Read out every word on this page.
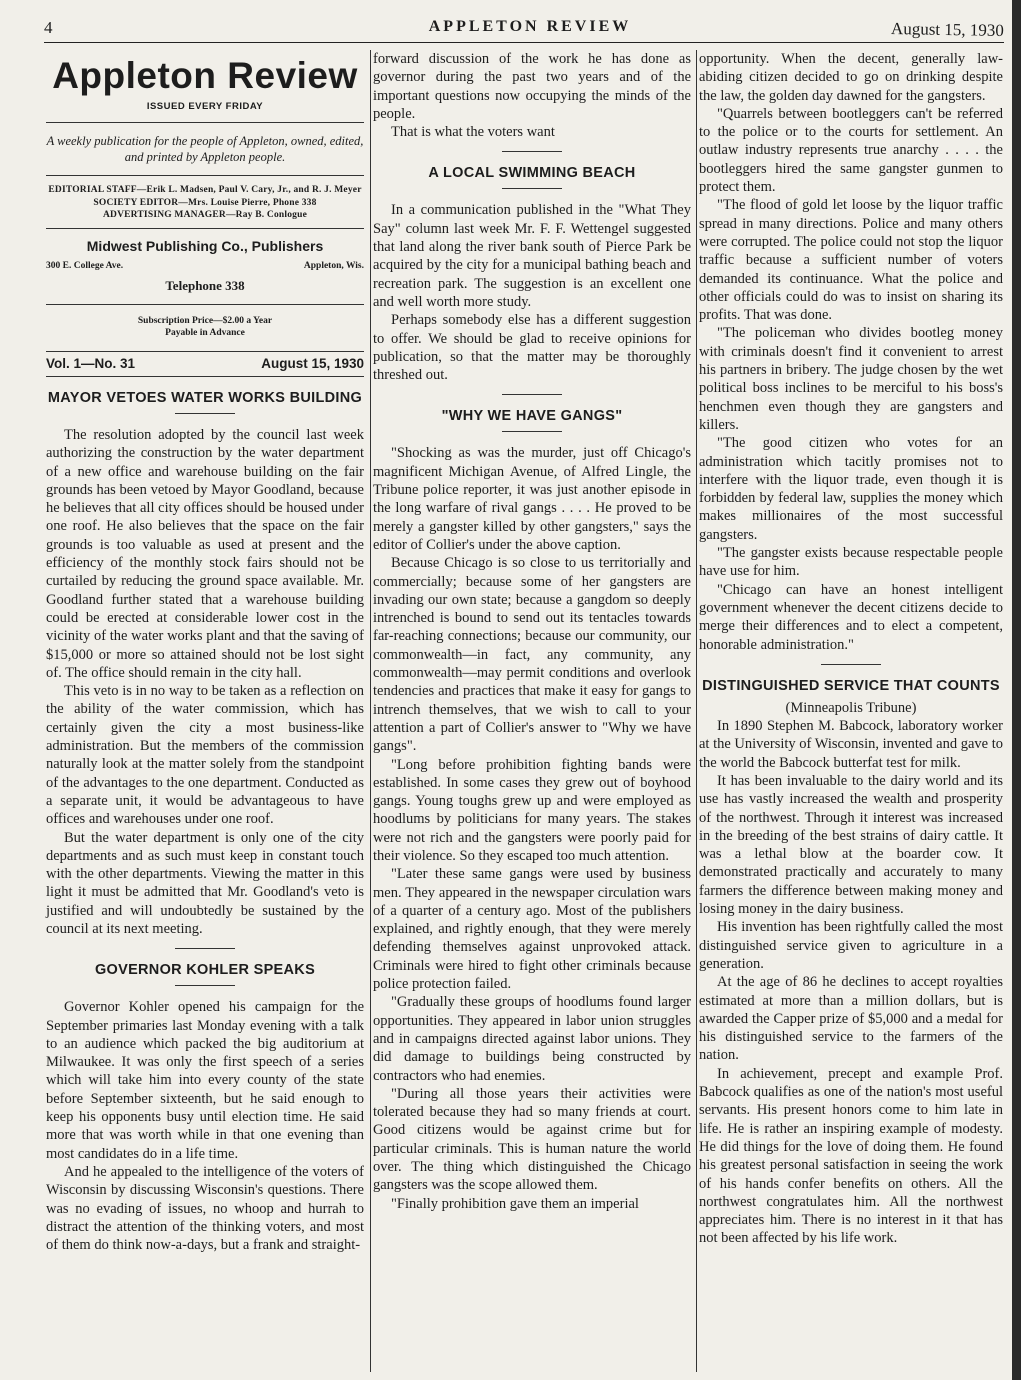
4	APPLETON REVIEW	August 15, 1930
Appleton Review
ISSUED EVERY FRIDAY
A weekly publication for the people of Appleton, owned, edited, and printed by Appleton people.
EDITORIAL STAFF—Erik L. Madsen, Paul V. Cary, Jr., and R. J. Meyer
SOCIETY EDITOR—Mrs. Louise Pierre, Phone 338
ADVERTISING MANAGER—Ray B. Conlogue
Midwest Publishing Co., Publishers
300 E. College Ave.	Appleton, Wis.
Telephone 338
Subscription Price—$2.00 a Year
Payable in Advance
Vol. 1—No. 31	August 15, 1930
MAYOR VETOES WATER WORKS BUILDING

The resolution adopted by the council last week authorizing the construction by the water department of a new office and warehouse building on the fair grounds has been vetoed by Mayor Goodland, because he believes that all city offices should be housed under one roof. He also believes that the space on the fair grounds is too valuable as used at present and the efficiency of the monthly stock fairs should not be curtailed by reducing the ground space available. Mr. Goodland further stated that a warehouse building could be erected at considerable lower cost in the vicinity of the water works plant and that the saving of $15,000 or more so attained should not be lost sight of. The office should remain in the city hall.

This veto is in no way to be taken as a reflection on the ability of the water commission, which has certainly given the city a most business-like administration. But the members of the commission naturally look at the matter solely from the standpoint of the advantages to the one department. Conducted as a separate unit, it would be advantageous to have offices and warehouses under one roof.

But the water department is only one of the city departments and as such must keep in constant touch with the other departments. Viewing the matter in this light it must be admitted that Mr. Goodland's veto is justified and will undoubtedly be sustained by the council at its next meeting.

GOVERNOR KOHLER SPEAKS

Governor Kohler opened his campaign for the September primaries last Monday evening with a talk to an audience which packed the big auditorium at Milwaukee. It was only the first speech of a series which will take him into every county of the state before September sixteenth, but he said enough to keep his opponents busy until election time. He said more that was worth while in that one evening than most candidates do in a life time.

And he appealed to the intelligence of the voters of Wisconsin by discussing Wisconsin's questions. There was no evading of issues, no whoop and hurrah to distract the attention of the thinking voters, and most of them do think now-a-days, but a frank and straight-

forward discussion of the work he has done as governor during the past two years and of the important questions now occupying the minds of the people.

That is what the voters want

A LOCAL SWIMMING BEACH

In a communication published in the "What They Say" column last week Mr. F. F. Wettengel suggested that land along the river bank south of Pierce Park be acquired by the city for a municipal bathing beach and recreation park. The suggestion is an excellent one and well worth more study.

Perhaps somebody else has a different suggestion to offer. We should be glad to receive opinions for publication, so that the matter may be thoroughly threshed out.

"WHY WE HAVE GANGS"

"Shocking as was the murder, just off Chicago's magnificent Michigan Avenue, of Alfred Lingle, the Tribune police reporter, it was just another episode in the long warfare of rival gangs . . . . He proved to be merely a gangster killed by other gangsters," says the editor of Collier's under the above caption.

Because Chicago is so close to us territorially and commercially; because some of her gangsters are invading our own state; because a gangdom so deeply intrenched is bound to send out its tentacles towards far-reaching connections; because our community, our commonwealth—in fact, any community, any commonwealth—may permit conditions and overlook tendencies and practices that make it easy for gangs to intrench themselves, that we wish to call to your attention a part of Collier's answer to "Why we have gangs".

"Long before prohibition fighting bands were established. In some cases they grew out of boyhood gangs. Young toughs grew up and were employed as hoodlums by politicians for many years. The stakes were not rich and the gangsters were poorly paid for their violence. So they escaped too much attention.

"Later these same gangs were used by business men. They appeared in the newspaper circulation wars of a quarter of a century ago. Most of the publishers explained, and rightly enough, that they were merely defending themselves against unprovoked attack. Criminals were hired to fight other criminals because police protection failed.

"Gradually these groups of hoodlums found larger opportunities. They appeared in labor union struggles and in campaigns directed against labor unions. They did damage to buildings being constructed by contractors who had enemies.

"During all those years their activities were tolerated because they had so many friends at court. Good citizens would be against crime but for particular criminals. This is human nature the world over. The thing which distinguished the Chicago gangsters was the scope allowed them.

"Finally prohibition gave them an imperial

opportunity. When the decent, generally law-abiding citizen decided to go on drinking despite the law, the golden day dawned for the gangsters.

"Quarrels between bootleggers can't be referred to the police or to the courts for settlement. An outlaw industry represents true anarchy . . . . the bootleggers hired the same gangster gunmen to protect them.

"The flood of gold let loose by the liquor traffic spread in many directions. Police and many others were corrupted. The police could not stop the liquor traffic because a sufficient number of voters demanded its continuance. What the police and other officials could do was to insist on sharing its profits. That was done.

"The policeman who divides bootleg money with criminals doesn't find it convenient to arrest his partners in bribery. The judge chosen by the wet political boss inclines to be merciful to his boss's henchmen even though they are gangsters and killers.

"The good citizen who votes for an administration which tacitly promises not to interfere with the liquor trade, even though it is forbidden by federal law, supplies the money which makes millionaires of the most successful gangsters.

"The gangster exists because respectable people have use for him.

"Chicago can have an honest intelligent government whenever the decent citizens decide to merge their differences and to elect a competent, honorable administration."

DISTINGUISHED SERVICE THAT COUNTS

(Minneapolis Tribune)

In 1890 Stephen M. Babcock, laboratory worker at the University of Wisconsin, invented and gave to the world the Babcock butterfat test for milk.

It has been invaluable to the dairy world and its use has vastly increased the wealth and prosperity of the northwest. Through it interest was increased in the breeding of the best strains of dairy cattle. It was a lethal blow at the boarder cow. It demonstrated practically and accurately to many farmers the difference between making money and losing money in the dairy business.

His invention has been rightfully called the most distinguished service given to agriculture in a generation.

At the age of 86 he declines to accept royalties estimated at more than a million dollars, but is awarded the Capper prize of $5,000 and a medal for his distinguished service to the farmers of the nation.

In achievement, precept and example Prof. Babcock qualifies as one of the nation's most useful servants. His present honors come to him late in life. He is rather an inspiring example of modesty. He did things for the love of doing them. He found his greatest personal satisfaction in seeing the work of his hands confer benefits on others. All the northwest congratulates him. All the northwest appreciates him. There is no interest in it that has not been affected by his life work.
